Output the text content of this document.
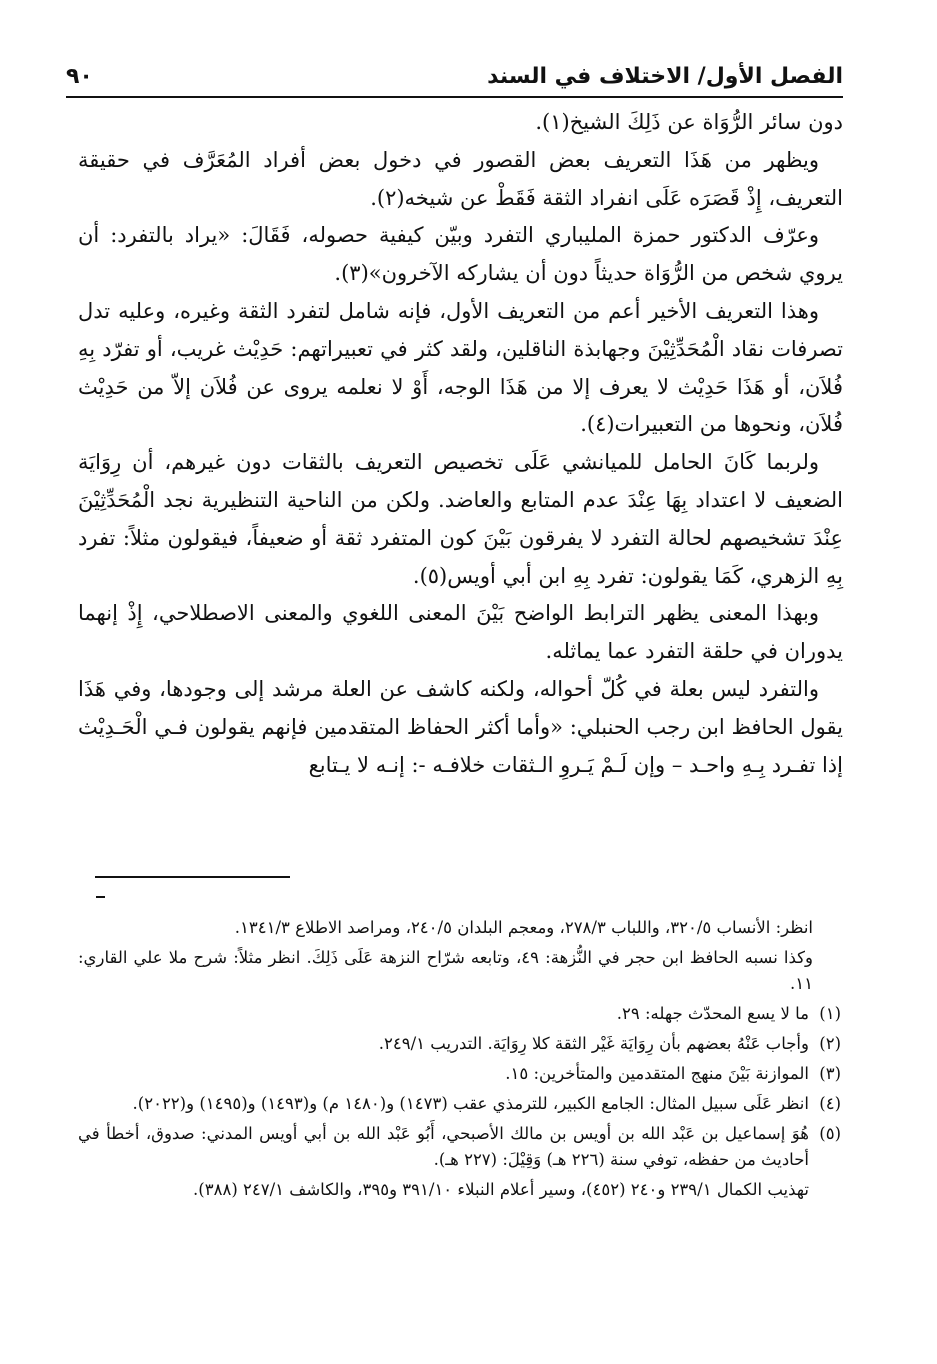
الفصل الأول/ الاختلاف في السند
٩٠

دون سائر الرُّوَاة عن ذَلِكَ الشيخ(١).

ويظهر من هَذَا التعريف بعض القصور في دخول بعض أفراد المُعَرَّف في حقيقة التعريف، إِذْ قَصَرَه عَلَى انفراد الثقة فَقَطْ عن شيخه(٢).

وعرّف الدكتور حمزة المليباري التفرد وبيّن كيفية حصوله، فَقَالَ: «يراد بالتفرد: أن يروي شخص من الرُّوَاة حديثاً دون أن يشاركه الآخرون»(٣).

وهذا التعريف الأخير أعم من التعريف الأول، فإنه شامل لتفرد الثقة وغيره، وعليه تدل تصرفات نقاد الْمُحَدِّثِيْنَ وجهابذة الناقلين، ولقد كثر في تعبيراتهم: حَدِيْث غريب، أو تفرّد بِهِ فُلاَن، أو هَذَا حَدِيْث لا يعرف إلا من هَذَا الوجه، أَوْ لا نعلمه يروى عن فُلاَن إلاّ من حَدِيْث فُلاَن، ونحوها من التعبيرات(٤).

ولربما كَانَ الحامل للميانشي عَلَى تخصيص التعريف بالثقات دون غيرهم، أن رِوَايَة الضعيف لا اعتداد بِهَا عِنْدَ عدم المتابع والعاضد. ولكن من الناحية التنظيرية نجد الْمُحَدِّثِيْنَ عِنْدَ تشخيصهم لحالة التفرد لا يفرقون بَيْنَ كون المتفرد ثقة أو ضعيفاً، فيقولون مثلاً: تفرد بِهِ الزهري، كَمَا يقولون: تفرد بِهِ ابن أبي أويس(٥).

وبهذا المعنى يظهر الترابط الواضح بَيْنَ المعنى اللغوي والمعنى الاصطلاحي، إِذْ إنهما يدوران في حلقة التفرد عما يماثله.

والتفرد ليس بعلة في كُلّ أحواله، ولكنه كاشف عن العلة مرشد إلى وجودها، وفي هَذَا يقول الحافظ ابن رجب الحنبلي: «وأما أكثر الحفاظ المتقدمين فإنهم يقولون فـي الْحَـدِيْث إذا تفـرد بِـهِ واحـد – وإن لَـمْ يَـروِ الـثقات خلافـه -: إنـه لا يـتابع

انظر: الأنساب ٣٢٠/٥، واللباب ٢٧٨/٣، ومعجم البلدان ٢٤٠/٥، ومراصد الاطلاع ١٣٤١/٣.
وكذا نسبه الحافظ ابن حجر في النُّزهة: ٤٩، وتابعه شرّاح النزهة عَلَى ذَلِكَ. انظر مثلاً: شرح ملا علي القاري: ١١.
(١)
ما لا يسع المحدّث جهله: ٢٩.
(٢)
وأجاب عَنْهُ بعضهم بأن رِوَايَة غَيْر الثقة كلا رِوَايَة. التدريب ٢٤٩/١.
(٣)
الموازنة بَيْنَ منهج المتقدمين والمتأخرين: ١٥.
(٤)
انظر عَلَى سبيل المثال: الجامع الكبير، للترمذي عقب (١٤٧٣) و(١٤٨٠ م) و(١٤٩٣) و(١٤٩٥) و(٢٠٢٢).
(٥)
هُوَ إسماعيل بن عَبْد الله بن أويس بن مالك الأصبحي، أَبُو عَبْد الله بن أبي أويس المدني: صدوق، أخطأ في أحاديث من حفظه، توفي سنة (٢٢٦ هـ) وَقِيْلَ: (٢٢٧ هـ).
تهذيب الكمال ٢٣٩/١ و٢٤٠ (٤٥٢)، وسير أعلام النبلاء ٣٩١/١٠ و٣٩٥، والكاشف ٢٤٧/١ (٣٨٨).
